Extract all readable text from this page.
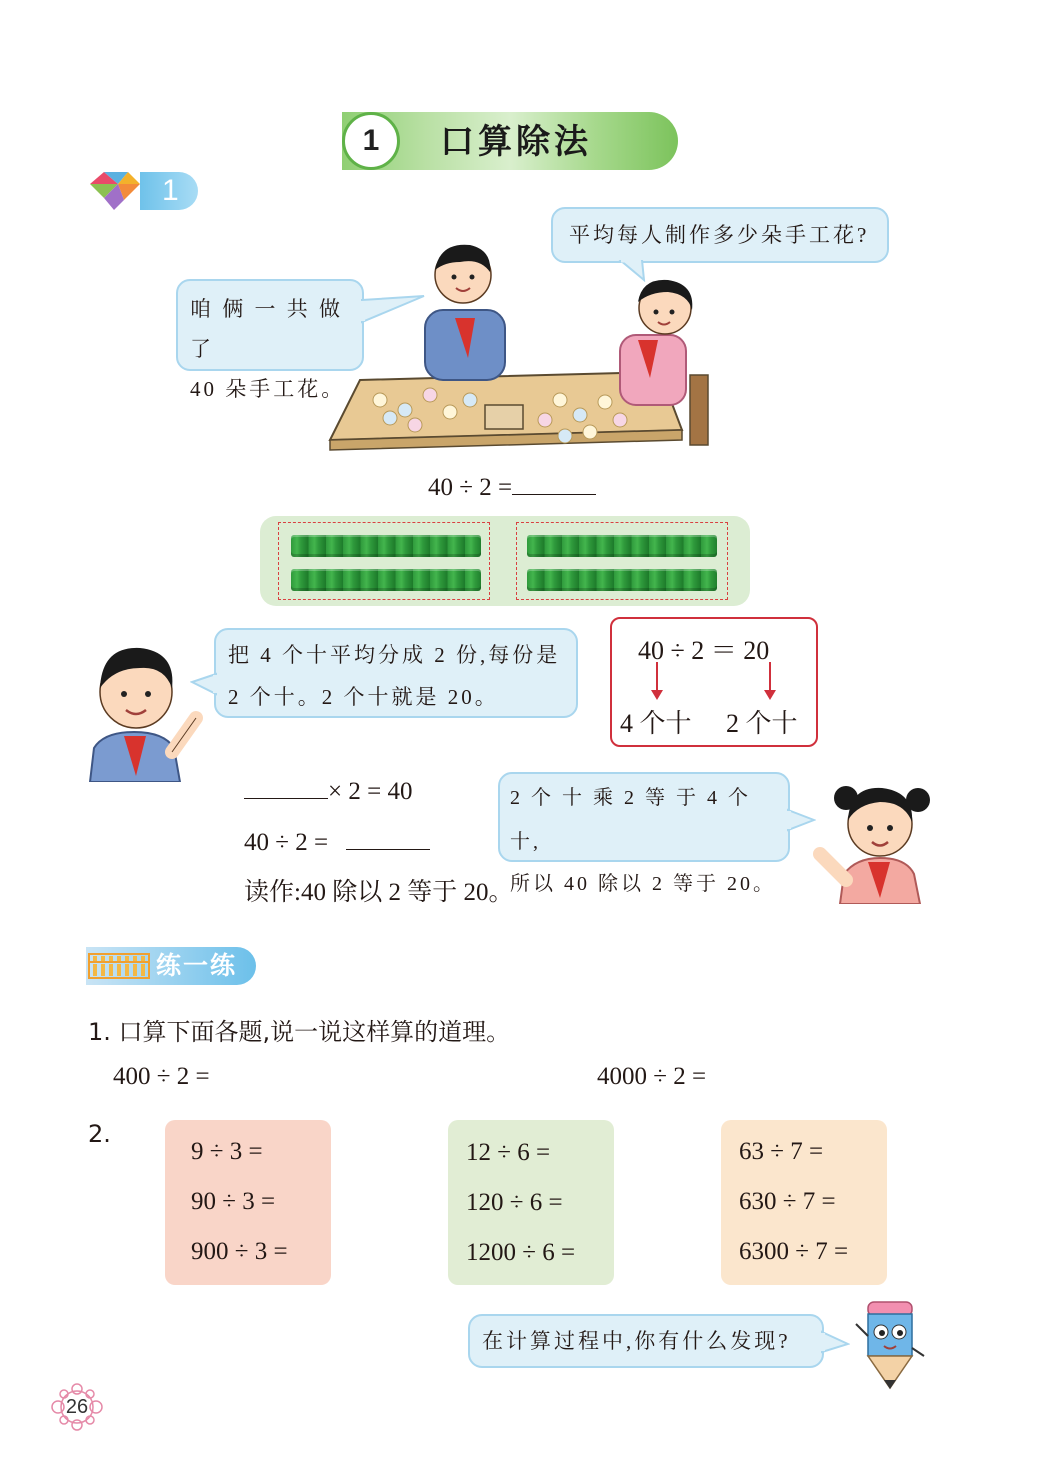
1	口算除法
1
平均每人制作多少朵手工花?
咱 俩 一 共 做 了
40 朵手工花。
40 ÷ 2 =
把 4 个十平均分成 2 份,每份是
2 个十。2 个十就是 20。
40 ÷ 2 ＝ 20
4 个十 2 个十
× 2 = 40
40 ÷ 2 =
读作:40 除以 2 等于 20。
2 个 十 乘 2 等 于 4 个 十,
所以 40 除以 2 等于 20。
练一练
1. 口算下面各题,说一说这样算的道理。
400 ÷ 2 =	4000 ÷ 2 =
2.
9 ÷ 3 =
90 ÷ 3 =
900 ÷ 3 =
12 ÷ 6 =
120 ÷ 6 =
1200 ÷ 6 =
63 ÷ 7 =
630 ÷ 7 =
6300 ÷ 7 =
在计算过程中,你有什么发现?
26
